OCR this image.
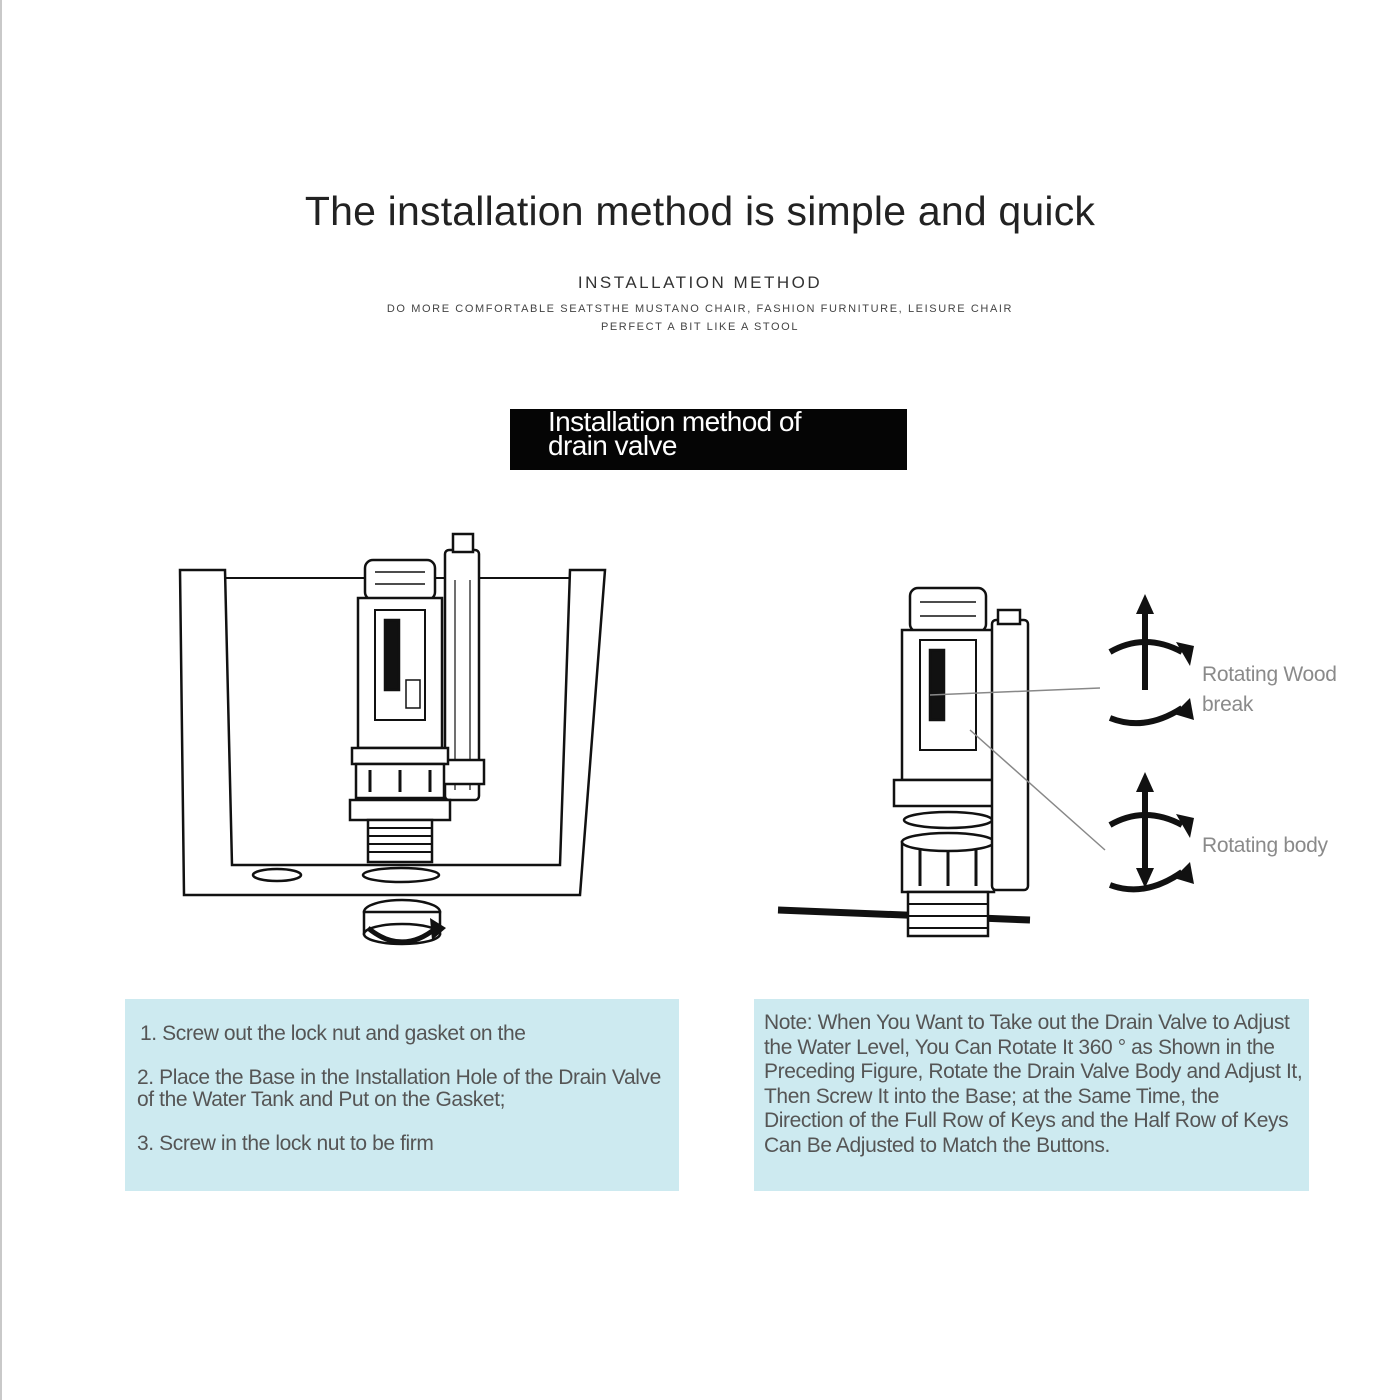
The installation method is simple and quick
INSTALLATION METHOD
DO MORE COMFORTABLE SEATSTHE MUSTANO CHAIR, FASHION FURNITURE, LEISURE CHAIR
PERFECT A BIT LIKE A STOOL
Installation method of
drain valve
Rotating Wood
break
Rotating body

1. Screw out the lock nut and gasket on the

2. Place the Base in the Installation Hole of the Drain Valve of the Water Tank and Put on the Gasket;

3. Screw in the lock nut to be firm

Note: When You Want to Take out the Drain Valve to Adjust the Water Level, You Can Rotate It 360 ° as Shown in the Preceding Figure, Rotate the Drain Valve Body and Adjust It, Then Screw It into the Base; at the Same Time, the Direction of the Full Row of Keys and the Half Row of Keys Can Be Adjusted to Match the Buttons.
